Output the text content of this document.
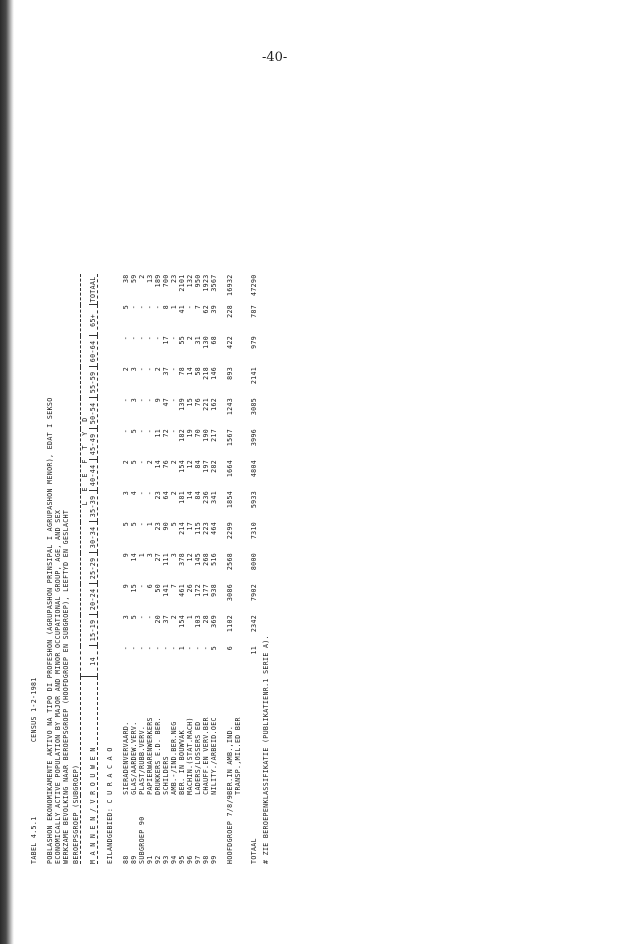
-40-
TABEL 4.5.1 CENSUS 1-2-1981 POBLASHON EKONOMIKAMENTE AKTIVO NA TIPO DI PROFESHON (AGRUPASHON PRINSIPAL I AGRUPASHON MENOR), EDAT I SEKSO ECONOMICALLY ACTIVE POPULATION BY MAJOR AND MINOR OCCUPATIONAL GROUP, AGE, AND SEX WERKZAME BEVOLKING NAAR BEROEPSGROEP (HOOFDGROEP EN SUBGROEP), LEEFTYD EN GESLACHT BEROEPSGROEP (SUBGROEP)														
			L E E F T Y D											
M A N N E N / V R O U W E N		14	15-19	20-24	25-29	30-34	35-39	40-44	45-49	50-54	55-59	60-64	65+	TOTAAL

EILANDGEBIED: C U R A C A O														

88	SIERADENVERVAARD.	-	3	9	9	5	3	2	-	-	2	-	5	38
89	GLAS/AARDEW.VERV.	-	5	15	14	5	4	5	5	3	3	-	-	59
SUBGROEP 90	PLAST/RUBB.VERV.	-	-	-	1	-	-	-	-	-	-	-	-	2
91	PAPIERWARENWERKERS	-	-	6	3	1	-	2	-	-	-	-	-	13
92	DRUKKERS E.D. BER.	-	20	50	27	23	23	14	11	9	2	-	-	189
93	SCHILDERS	-	37	141	111	90	64	76	72	47	37	17	8	700
94	AMB.-/IND.BER.NEG	-	2	7	3	5	2	2	-	-	-	-	1	23
95	BER. IN BOUWVAK	1	154	461	378	214	181	154	182	139	78	55	41	2101
96	MACHIN.(STAT.MACH)	-	1	26	12	17	14	12	19	15	14	2	-	132
97	LADERS/LOSSERS ED	-	103	172	145	115	84	84	70	76	58	31	7	950
98	CHAUFF.EN VERV.BER	-	28	177	268	223	236	197	190	221	218	130	62	1923
99	NILITY./ARBEID.OEC	5	369	938	516	464	341	282	217	162	146	68	39	3567

HOOFDGROEP 7/8/9	BER.IN AMB.,IND.	6	1102	3086	2568	2299	1854	1664	1567	1243	893	422	228	16932
	TRANSP.,MIL.ED BER													

TOTAAL		11	2342	7902	8000	7310	5933	4804	3996	3085	2141	979	787	47290
# ZIE BEROEPENKLASSIFIKATIE (PUBLIKATIENR.1 SERIE A).
